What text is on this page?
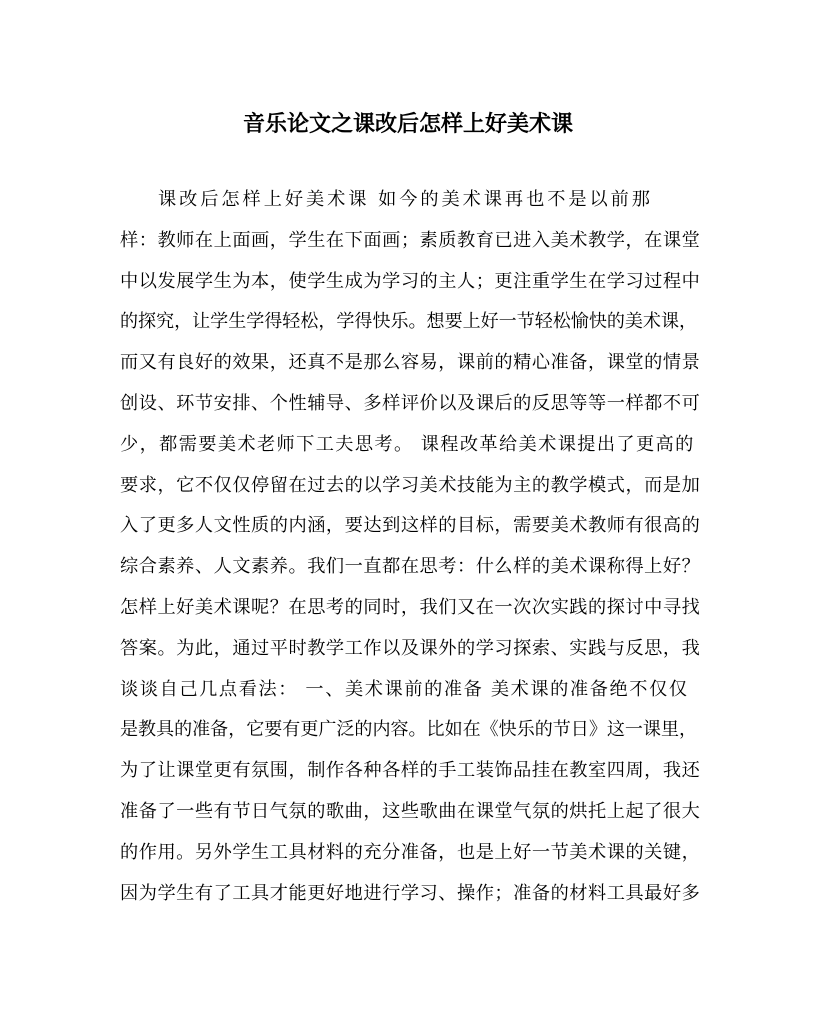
音乐论文之课改后怎样上好美术课
课改后怎样上好美术课 如今的美术课再也不是以前那
样：教师在上面画，学生在下面画；素质教育已进入美术教学，在课堂
中以发展学生为本，使学生成为学习的主人；更注重学生在学习过程中
的探究，让学生学得轻松，学得快乐。想要上好一节轻松愉快的美术课，
而又有良好的效果，还真不是那么容易，课前的精心准备，课堂的情景
创设、环节安排、个性辅导、多样评价以及课后的反思等等一样都不可
少，都需要美术老师下工夫思考。 课程改革给美术课提出了更高的
要求，它不仅仅停留在过去的以学习美术技能为主的教学模式，而是加
入了更多人文性质的内涵，要达到这样的目标，需要美术教师有很高的
综合素养、人文素养。我们一直都在思考：什么样的美术课称得上好？
怎样上好美术课呢？在思考的同时，我们又在一次次实践的探讨中寻找
答案。为此，通过平时教学工作以及课外的学习探索、实践与反思，我
谈谈自己几点看法： 一、美术课前的准备 美术课的准备绝不仅仅
是教具的准备，它要有更广泛的内容。比如在《快乐的节日》这一课里，
为了让课堂更有氛围，制作各种各样的手工装饰品挂在教室四周，我还
准备了一些有节日气氛的歌曲，这些歌曲在课堂气氛的烘托上起了很大
的作用。另外学生工具材料的充分准备，也是上好一节美术课的关键，
因为学生有了工具才能更好地进行学习、操作；准备的材料工具最好多
